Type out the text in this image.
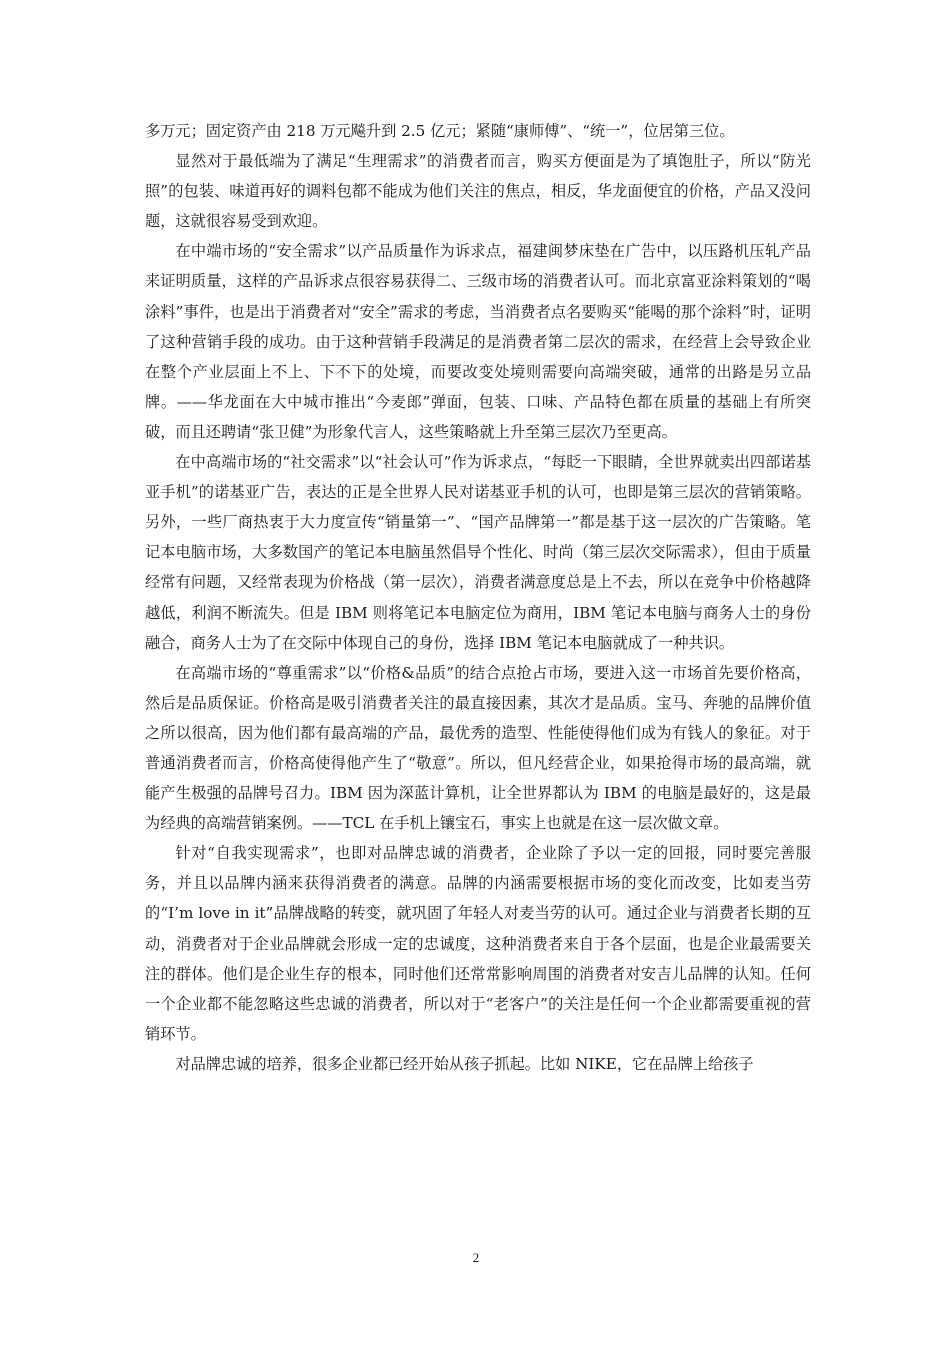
多万元；固定资产由 218 万元飚升到 2.5 亿元；紧随“康师傅”、“统一”，位居第三位。

显然对于最低端为了满足“生理需求”的消费者而言，购买方便面是为了填饱肚子，所以“防光照”的包装、味道再好的调料包都不能成为他们关注的焦点，相反，华龙面便宜的价格，产品又没问题，这就很容易受到欢迎。

在中端市场的“安全需求”以产品质量作为诉求点，福建闽梦床垫在广告中，以压路机压轧产品来证明质量，这样的产品诉求点很容易获得二、三级市场的消费者认可。而北京富亚涂料策划的“喝涂料”事件，也是出于消费者对“安全”需求的考虑，当消费者点名要购买“能喝的那个涂料”时，证明了这种营销手段的成功。由于这种营销手段满足的是消费者第二层次的需求，在经营上会导致企业在整个产业层面上不上、下不下的处境，而要改变处境则需要向高端突破，通常的出路是另立品牌。——华龙面在大中城市推出“今麦郎”弹面，包装、口味、产品特色都在质量的基础上有所突破，而且还聘请“张卫健”为形象代言人，这些策略就上升至第三层次乃至更高。

在中高端市场的“社交需求”以“社会认可”作为诉求点，“每眨一下眼睛，全世界就卖出四部诺基亚手机”的诺基亚广告，表达的正是全世界人民对诺基亚手机的认可，也即是第三层次的营销策略。另外，一些厂商热衷于大力度宣传“销量第一”、“国产品牌第一”都是基于这一层次的广告策略。笔记本电脑市场，大多数国产的笔记本电脑虽然倡导个性化、时尚（第三层次交际需求），但由于质量经常有问题，又经常表现为价格战（第一层次），消费者满意度总是上不去，所以在竞争中价格越降越低，利润不断流失。但是 IBM 则将笔记本电脑定位为商用，IBM 笔记本电脑与商务人士的身份融合，商务人士为了在交际中体现自己的身份，选择 IBM 笔记本电脑就成了一种共识。

在高端市场的“尊重需求”以“价格&品质”的结合点抢占市场，要进入这一市场首先要价格高，然后是品质保证。价格高是吸引消费者关注的最直接因素，其次才是品质。宝马、奔驰的品牌价值之所以很高，因为他们都有最高端的产品，最优秀的造型、性能使得他们成为有钱人的象征。对于普通消费者而言，价格高使得他产生了“敬意”。所以，但凡经营企业，如果抢得市场的最高端，就能产生极强的品牌号召力。IBM 因为深蓝计算机，让全世界都认为 IBM 的电脑是最好的，这是最为经典的高端营销案例。——TCL 在手机上镶宝石，事实上也就是在这一层次做文章。

针对“自我实现需求”，也即对品牌忠诚的消费者，企业除了予以一定的回报，同时要完善服务，并且以品牌内涵来获得消费者的满意。品牌的内涵需要根据市场的变化而改变，比如麦当劳的“I’m love in it”品牌战略的转变，就巩固了年轻人对麦当劳的认可。通过企业与消费者长期的互动，消费者对于企业品牌就会形成一定的忠诚度，这种消费者来自于各个层面，也是企业最需要关注的群体。他们是企业生存的根本，同时他们还常常影响周围的消费者对安吉儿品牌的认知。任何一个企业都不能忽略这些忠诚的消费者，所以对于“老客户”的关注是任何一个企业都需要重视的营销环节。

对品牌忠诚的培养，很多企业都已经开始从孩子抓起。比如 NIKE，它在品牌上给孩子

2
